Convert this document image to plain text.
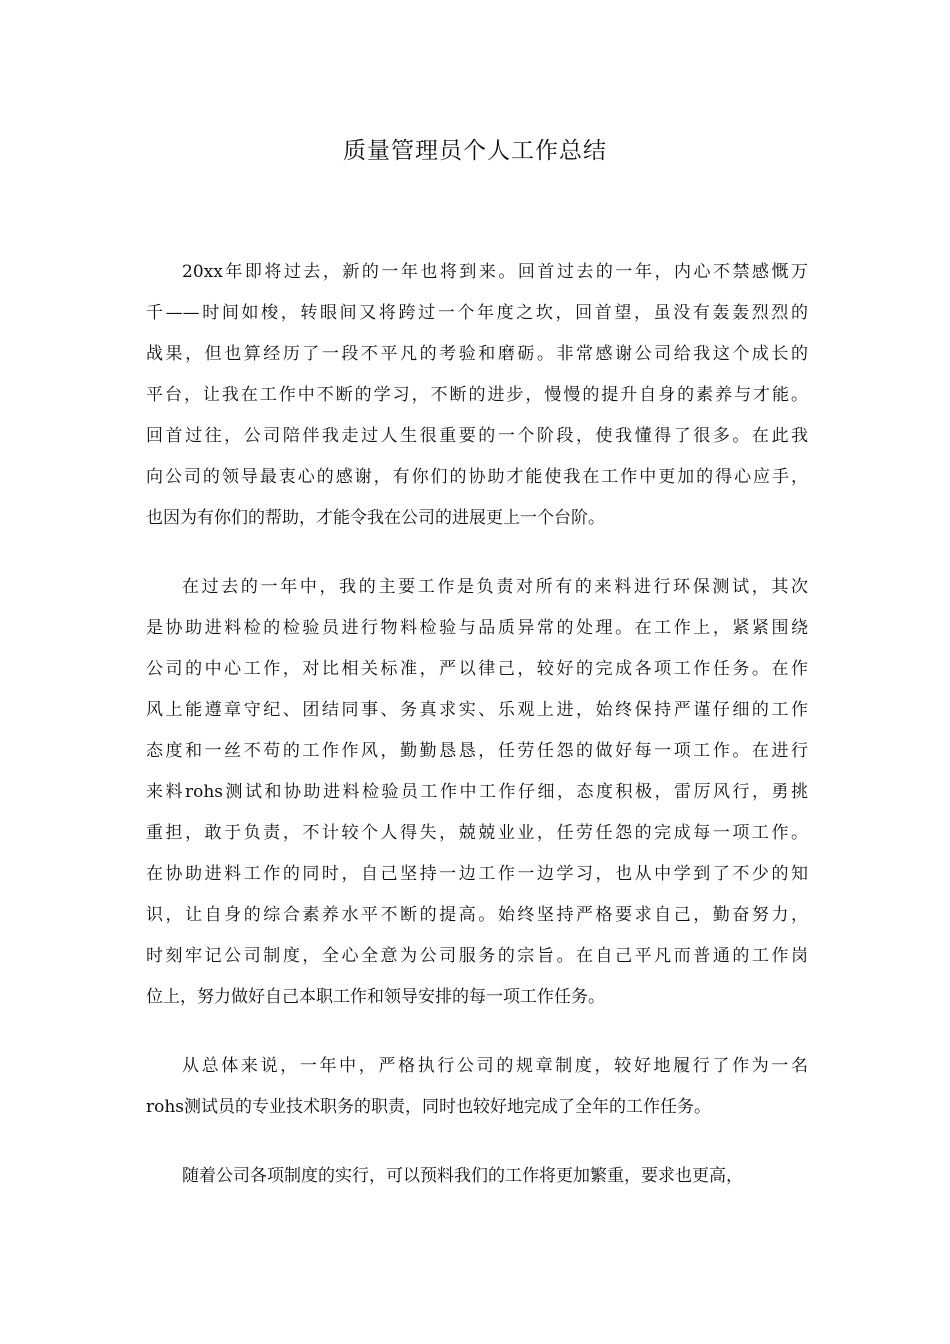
质量管理员个人工作总结
20xx年即将过去，新的一年也将到来。回首过去的一年，内心不禁感慨万
千——时间如梭，转眼间又将跨过一个年度之坎，回首望，虽没有轰轰烈烈的
战果，但也算经历了一段不平凡的考验和磨砺。非常感谢公司给我这个成长的
平台，让我在工作中不断的学习，不断的进步，慢慢的提升自身的素养与才能。
回首过往，公司陪伴我走过人生很重要的一个阶段，使我懂得了很多。在此我
向公司的领导最衷心的感谢，有你们的协助才能使我在工作中更加的得心应手，
也因为有你们的帮助，才能令我在公司的进展更上一个台阶。
在过去的一年中，我的主要工作是负责对所有的来料进行环保测试，其次
是协助进料检的检验员进行物料检验与品质异常的处理。在工作上，紧紧围绕
公司的中心工作，对比相关标准，严以律己，较好的完成各项工作任务。在作
风上能遵章守纪、团结同事、务真求实、乐观上进，始终保持严谨仔细的工作
态度和一丝不苟的工作作风，勤勤恳恳，任劳任怨的做好每一项工作。在进行
来料rohs测试和协助进料检验员工作中工作仔细，态度积极，雷厉风行，勇挑
重担，敢于负责，不计较个人得失，兢兢业业，任劳任怨的完成每一项工作。
在协助进料工作的同时，自己坚持一边工作一边学习，也从中学到了不少的知
识，让自身的综合素养水平不断的提高。始终坚持严格要求自己，勤奋努力，
时刻牢记公司制度，全心全意为公司服务的宗旨。在自己平凡而普通的工作岗
位上，努力做好自己本职工作和领导安排的每一项工作任务。
从总体来说，一年中，严格执行公司的规章制度，较好地履行了作为一名
rohs测试员的专业技术职务的职责，同时也较好地完成了全年的工作任务。
随着公司各项制度的实行，可以预料我们的工作将更加繁重，要求也更高，
